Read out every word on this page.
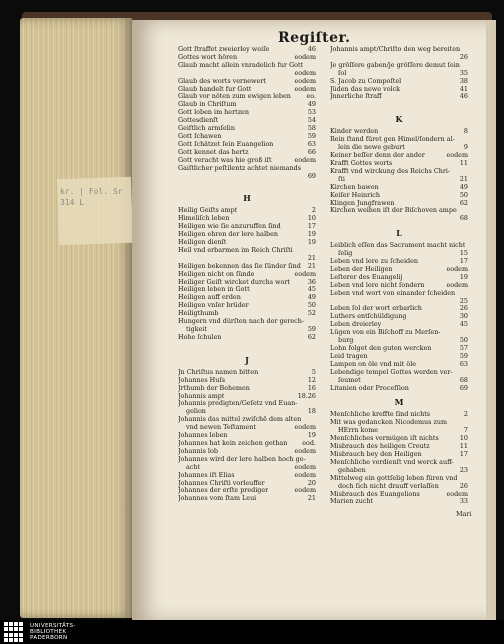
kr. | Fol. Sr
314 L
Regiſter.
Gott ſtraffet zweierley weiſe	46
Gottes wort hören	eodem
Glaub macht allein vnradelich fur Gott
eodem
Glaub des worts vernewert	eodem
Glaub handelt fur Gott	eodem
Glaub vor nöten zum ewigen leben	eo.
Glaub in Chriſtum	49
Gott loben im hertzen	53
Gottesdienſt	54
Geiſtlich armſelin	58
Gott ſchawen	59
Gott ſchätzet ſein Euangelion	63
Gott kennet das hertz	66
Gott veracht was hie groß iſt	eodem
Gaiſtlicher peſtilentz achtet niemands
69
H
Heilig Geiſts ampt	2
Himeliſch leben	10
Heiligen wie ſie anzuruffen ſind	17
Heiligen ehren der lere halben	19
Heiligen dienſt	19
Heil vnd erbarmen im Reich Chriſti
21
Heiligen bekennen das ſie ſünder ſind	21
Heiligen nicht on ſünde	eodem
Heiliger Geiſt wircket durchs wort	36
Heiligen leben in Gott	45
Heiligen auff erden	49
Heiligen vnſer brüder	50
Heiligthumb	52
Hungern vnd dürſten nach der gerech-
tigkeit	59
Hohe ſchulen	62
J
Jn Chriſtus namen bitten	5
Johannes Huſs	12
Jrthumb der Behemen	16
Johannis ampt	18.26
Johannis predigten/Geſetz vnd Euan-
gelion	18
Johannis das mittel zwiſchē dem alten
vnd newen Teſtament	eodem
Johannes leben	19
Johannes hat kein zeichen gethan	eod.
Johannis lob	eodem
Johannes wird der lere halben hoch ge-
acht	eodem
Johannes iſt Elias	eodem
Johannes Chriſti vorleuffer	20
Johannes der erſte prediger	eodem
Johannes vom ſtam Leui	21
Johannis ampt/Chriſto den weg bereiten
26
Je gröſſere gaben/je gröſſere demut ſein
ſol	35
S. Jacob zu Compoſtel	38
Jüden das newe volck	41
Jnnerliche ſtraff	46
K
Kinder werden	8
Rein ſtand füret gen Himel/ſondern al-
lein die newe geburt	9
Keiner beſſer denn der ander	eodem
Krafft Gottes worts	11
Krafft vnd wirckung des Reichs Chri-
ſti	21
Kirchen bawen	49
Keiſer Heinrich	50
Klingen Jungfrawen	62
Kirchen weihen iſt der Biſchoven ampe
68
L
Leiblich eſſen das Sacrament macht nicht
ſelig	15
Leben vnd lere zu ſcheiden	17
Leben der Heiligen	eodem
Leſterer des Euangelij	19
Leben vnd lere nicht ſondern	eodem
Leben vnd wort von einander ſcheiden
25
Leben ſol der wort erbarlich	26
Luthers entſchüldigung	30
Leben dreierley	45
Lügen von ein Biſchoff zu Merſen-
burg	50
Lohn folget den guten wercken	57
Leid tragen	59
Lampen on öle vnd mit öle	63
Lebendige tempel Gottes werden ver-
ſeumet	68
Litanien oder Proceſſion	69
M
Menſchliche kreffte ſind nichts	2
Mit was gedancken Nicodemus zum
HErrn kome	7
Menſchliches vermügen iſt nichts	10
Misbrauch des heiligen Creutz	11
Misbrauch bey den Heiligen	17
Menſchliche verdienſt vnd werck auff-
gehaben	23
Mittelweg ein gottſelig leben füren vnd
doch ſich nicht drauff verlaſſen	26
Misbrauch des Euangelions	eodem
Marien zucht	33
Mari
UNIVERSITÄTS-
BIBLIOTHEK
PADERBORN
